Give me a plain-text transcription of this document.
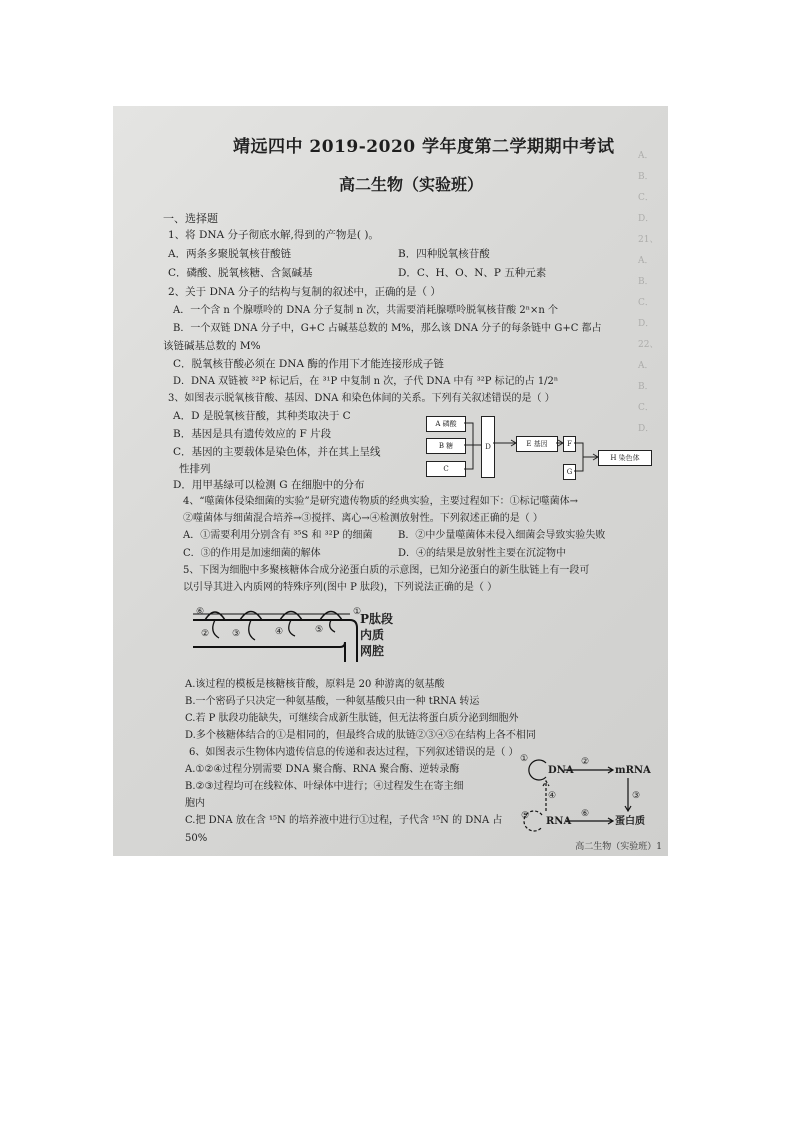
A．
B．
C．
D．
21、
A．
B．
C．
D．
22、
A．
B．
C．
D．
靖远四中 2019-2020 学年度第二学期期中考试
高二生物（实验班）
一、选择题
1、将 DNA 分子彻底水解,得到的产物是( )。
A．两条多聚脱氧核苷酸链	B．四种脱氧核苷酸
C．磷酸、脱氧核糖、含氮碱基	D．C、H、O、N、P 五种元素
2、关于 DNA 分子的结构与复制的叙述中，正确的是（ ）
A．一个含 n 个腺嘌呤的 DNA 分子复制 n 次，共需要消耗腺嘌呤脱氧核苷酸 2ⁿ×n 个
B．一个双链 DNA 分子中，G+C 占碱基总数的 M%，那么该 DNA 分子的每条链中 G+C 都占
该链碱基总数的 M%
C．脱氧核苷酸必须在 DNA 酶的作用下才能连接形成子链
D．DNA 双链被 ³²P 标记后，在 ³¹P 中复制 n 次，子代 DNA 中有 ³²P 标记的占 1/2ⁿ
3、如图表示脱氧核苷酸、基因、DNA 和染色体间的关系。下列有关叙述错误的是（ ）
A．D 是脱氧核苷酸，其种类取决于 C
B．基因是具有遗传效应的 F 片段
C．基因的主要载体是染色体，并在其上呈线
性排列
D．用甲基绿可以检测 G 在细胞中的分布
A 磷酸
B 糖
C
D	E 基因	F
G
H 染色体
4、“噬菌体侵染细菌的实验”是研究遗传物质的经典实验，主要过程如下：①标记噬菌体→
②噬菌体与细菌混合培养→③搅拌、离心→④检测放射性。下列叙述正确的是（ ）
A．①需要利用分别含有 ³⁵S 和 ³²P 的细菌	B．②中少量噬菌体未侵入细菌会导致实验失败
C．③的作用是加速细菌的解体	D．④的结果是放射性主要在沉淀物中
5、下图为细胞中多聚核糖体合成分泌蛋白质的示意图，已知分泌蛋白的新生肽链上有一段可
以引导其进入内质网的特殊序列(图中 P 肽段)，下列说法正确的是（ ）
⑥	①
②	③	④	⑤
P肽段
内质
网腔
A.该过程的模板是核糖核苷酸，原料是 20 种游离的氨基酸
B.一个密码子只决定一种氨基酸，一种氨基酸只由一种 tRNA 转运
C.若 P 肽段功能缺失，可继续合成新生肽链，但无法将蛋白质分泌到细胞外
D.多个核糖体结合的①是相同的，但最终合成的肽链②③④⑤在结构上各不相同
6、如图表示生物体内遗传信息的传递和表达过程，下列叙述错误的是（ ）
A.①②④过程分别需要 DNA 聚合酶、RNA 聚合酶、逆转录酶
B.②③过程均可在线粒体、叶绿体中进行；④过程发生在寄主细
胞内
C.把 DNA 放在含 ¹⁵N 的培养液中进行①过程，子代含 ¹⁵N 的 DNA 占
50%
①
DNA
②
mRNA
④	③
⑤ RNA
⑥
蛋白质
高二生物（实验班）1
